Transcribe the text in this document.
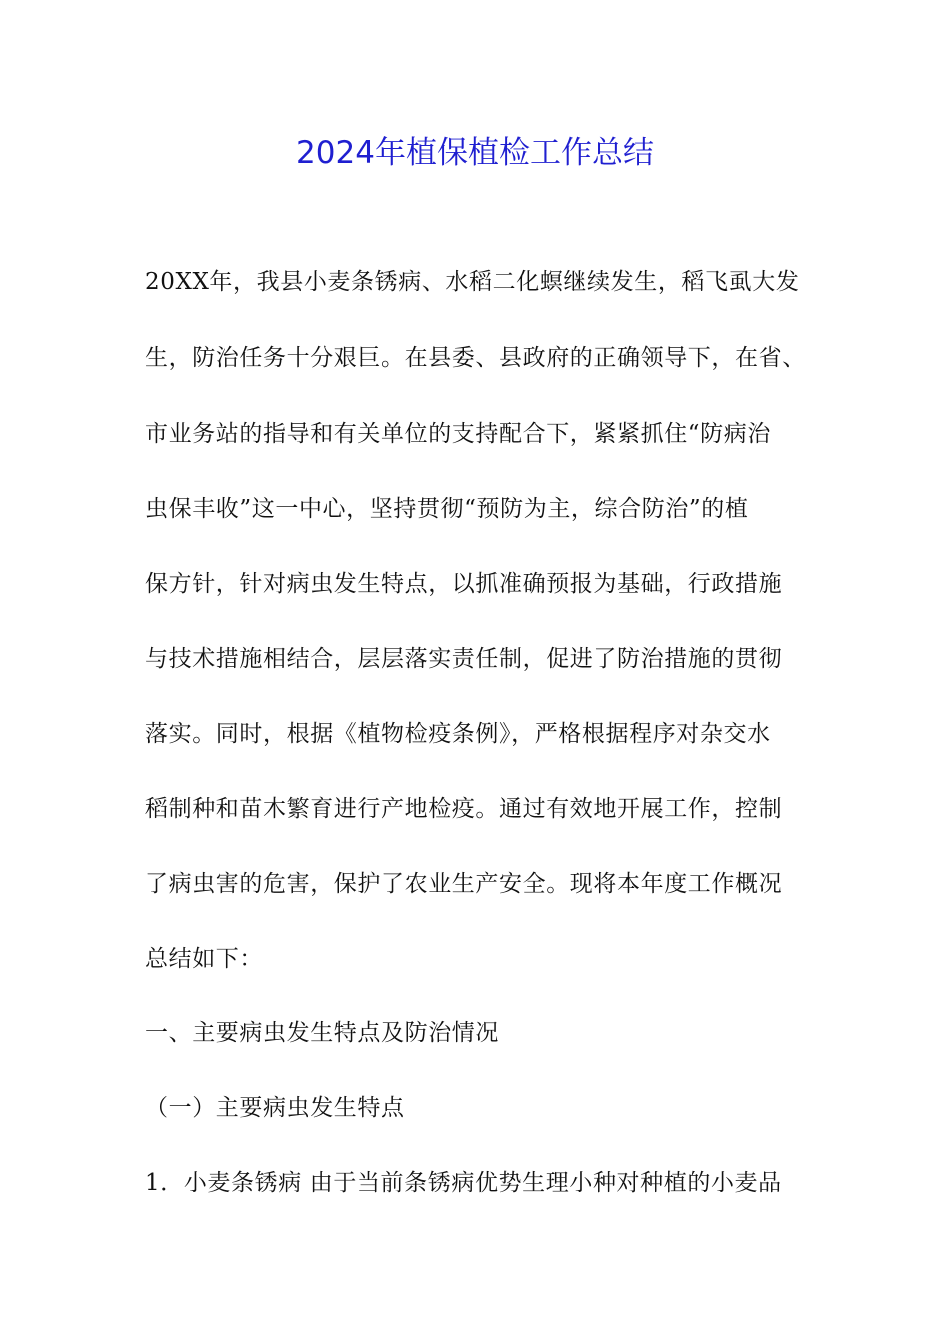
2024年植保植检工作总结
20XX年，我县小麦条锈病、水稻二化螟继续发生，稻飞虱大发
生，防治任务十分艰巨。在县委、县政府的正确领导下，在省、
市业务站的指导和有关单位的支持配合下，紧紧抓住“防病治
虫保丰收”这一中心，坚持贯彻“预防为主，综合防治”的植
保方针，针对病虫发生特点，以抓准确预报为基础，行政措施
与技术措施相结合，层层落实责任制，促进了防治措施的贯彻
落实。同时，根据《植物检疫条例》，严格根据程序对杂交水
稻制种和苗木繁育进行产地检疫。通过有效地开展工作，控制
了病虫害的危害，保护了农业生产安全。现将本年度工作概况
总结如下：
一、主要病虫发生特点及防治情况
（一）主要病虫发生特点
1．小麦条锈病 由于当前条锈病优势生理小种对种植的小麦品
